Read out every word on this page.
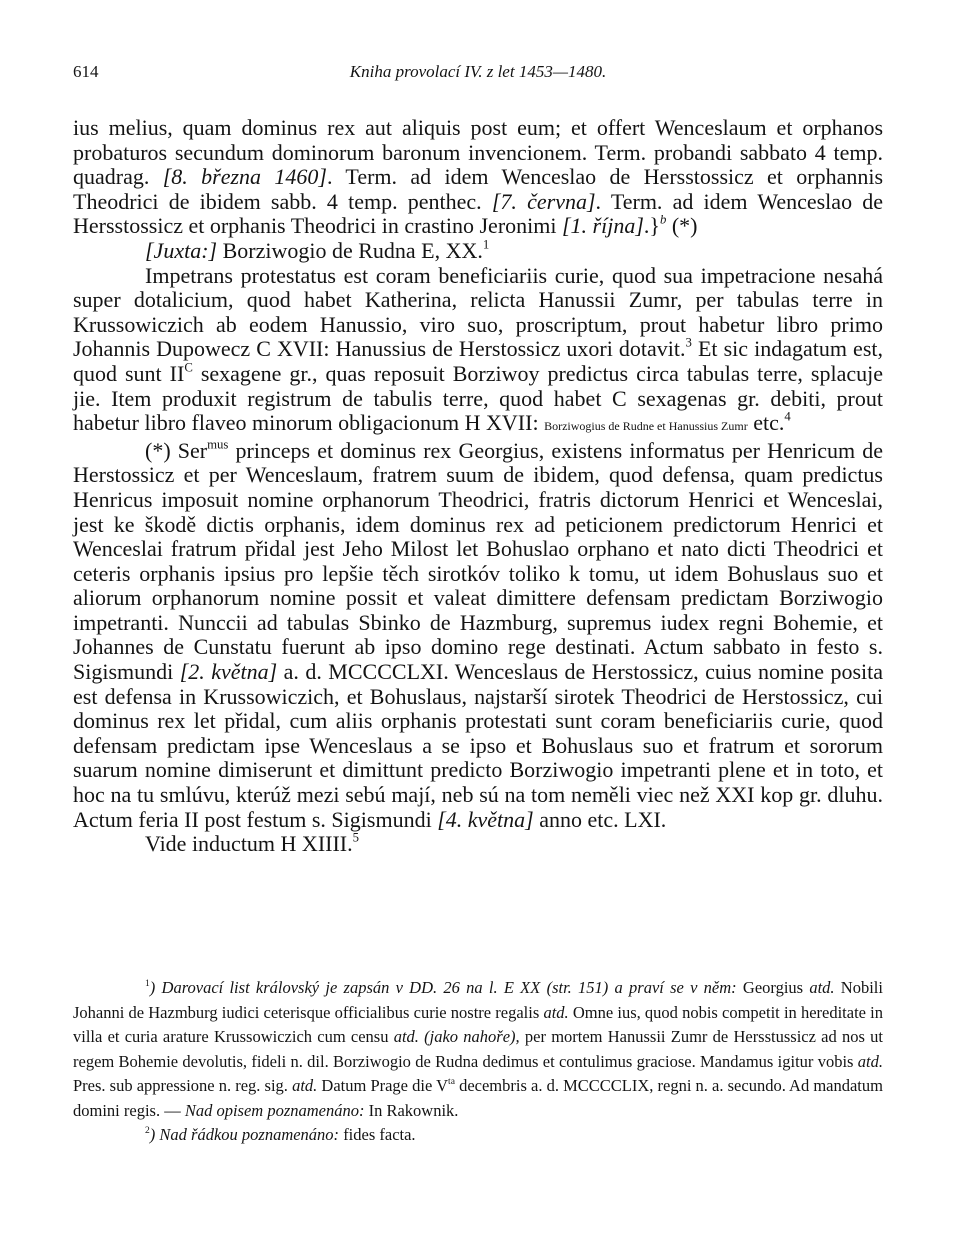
614	Kniha provolací IV. z let 1453—1480.

ius melius, quam dominus rex aut aliquis post eum; et offert Wenceslaum et orphanos probaturos secundum dominorum baronum invencionem. Term. probandi sabbato 4 temp. quadrag. [8. března 1460]. Term. ad idem Wenceslao de Hersstossicz et orphannis Theodrici de ibidem sabb. 4 temp. penthec. [7. června]. Term. ad idem Wenceslao de Hersstossicz et orphanis Theodrici in crastino Jeronimi [1. října].}$^b$ (*)

[Juxta:] Borziwogio de Rudna E, XX.$^1$

Impetrans protestatus est coram beneficiariis curie, quod sua impetracione nesahá super dotalicium, quod habet Katherina, relicta Hanussii Zumr, per tabulas terre in Krussowiczich ab eodem Hanussio, viro suo, proscriptum, prout habetur libro primo Johannis Dupowecz C XVII: Hanussius de Herstossicz uxori dotavit.$^3$ Et sic indagatum est, quod sunt $II^C$ sexagene gr., quas reposuit Borziwoy predictus circa tabulas terre, splacuje jie. Item produxit registrum de tabulis terre, quod habet C sexagenas gr. debiti, prout habetur libro flaveo minorum obligacionum H XVII: Borziwogius de Rudne et Hanussius Zumr etc.$^4$

(*) Ser$^{mus}$ princeps et dominus rex Georgius, existens informatus per Henricum de Herstossicz et per Wenceslaum, fratrem suum de ibidem, quod defensa, quam predictus Henricus imposuit nomine orphanorum Theodrici, fratris dictorum Henrici et Wenceslai, jest ke škodě dictis orphanis, idem dominus rex ad peticionem predictorum Henrici et Wenceslai fratrum přidal jest Jeho Milost let Bohuslao orphano et nato dicti Theodrici et ceteris orphanis ipsius pro lepšie těch sirotkóv toliko k tomu, ut idem Bohuslaus suo et aliorum orphanorum nomine possit et valeat dimittere defensam predictam Borziwogio impetranti. Nunccii ad tabulas Sbinko de Hazmburg, supremus iudex regni Bohemie, et Johannes de Cunstatu fuerunt ab ipso domino rege destinati. Actum sabbato in festo s. Sigismundi [2. května] a. d. MCCCCLXI. Wenceslaus de Herstossicz, cuius nomine posita est defensa in Krussowiczich, et Bohuslaus, najstarší sirotek Theodrici de Herstossicz, cui dominus rex let přidal, cum aliis orphanis protestati sunt coram beneficiariis curie, quod defensam predictam ipse Wenceslaus a se ipso et Bohuslaus suo et fratrum et sororum suarum nomine dimiserunt et dimittunt predicto Borziwogio impetranti plene et in toto, et hoc na tu smlúvu, kterúž mezi sebú mají, neb sú na tom neměli viec než XXI kop gr. dluhu. Actum feria II post festum s. Sigismundi [4. května] anno etc. LXI.

Vide inductum H XIIII.$^5$

$^1$) Darovací list královský je zapsán v DD. 26 na l. E XX (str. 151) a praví se v něm: Georgius atd. Nobili Johanni de Hazmburg iudici ceterisque officialibus curie nostre regalis atd. Omne ius, quod nobis competit in hereditate in villa et curia arature Krussowiczich cum censu atd. (jako nahoře), per mortem Hanussii Zumr de Hersstussicz ad nos ut regem Bohemie devolutis, fideli n. dil. Borziwogio de Rudna dedimus et contulimus graciose. Mandamus igitur vobis atd. Pres. sub appressione n. reg. sig. atd. Datum Prage die $V^{ta}$ decembris a. d. MCCCCLIX, regni n. a. secundo. Ad mandatum domini regis. — Nad opisem poznamenáno: In Rakownik.

$^2$) Nad řádkou poznamenáno: fides facta.
